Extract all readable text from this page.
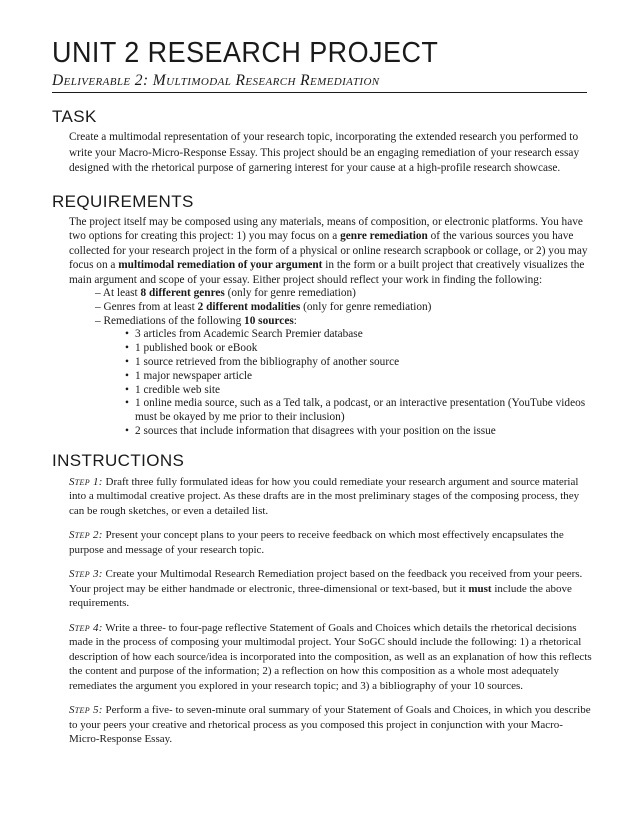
UNIT 2 RESEARCH PROJECT
Deliverable 2: Multimodal Research Remediation
TASK

Create a multimodal representation of your research topic, incorporating the extended research you performed to write your Macro-Micro-Response Essay. This project should be an engaging remediation of your research essay designed with the rhetorical purpose of garnering interest for your cause at a high-profile research showcase.

REQUIREMENTS

The project itself may be composed using any materials, means of composition, or electronic platforms. You have two options for creating this project: 1) you may focus on a genre remediation of the various sources you have collected for your research project in the form of a physical or online research scrapbook or collage, or 2) you may focus on a multimodal remediation of your argument in the form or a built project that creatively visualizes the main argument and scope of your essay. Either project should reflect your work in finding the following:

– At least 8 different genres (only for genre remediation)
– Genres from at least 2 different modalities (only for genre remediation)
– Remediations of the following 10 sources:
• 3 articles from Academic Search Premier database
• 1 published book or eBook
• 1 source retrieved from the bibliography of another source
• 1 major newspaper article
• 1 credible web site
• 1 online media source, such as a Ted talk, a podcast, or an interactive presentation (YouTube videos must be okayed by me prior to their inclusion)
• 2 sources that include information that disagrees with your position on the issue
INSTRUCTIONS

Step 1: Draft three fully formulated ideas for how you could remediate your research argument and source material into a multimodal creative project. As these drafts are in the most preliminary stages of the composing process, they can be rough sketches, or even a detailed list.

Step 2: Present your concept plans to your peers to receive feedback on which most effectively encapsulates the purpose and message of your research topic.

Step 3: Create your Multimodal Research Remediation project based on the feedback you received from your peers. Your project may be either handmade or electronic, three-dimensional or text-based, but it must include the above requirements.

Step 4: Write a three- to four-page reflective Statement of Goals and Choices which details the rhetorical decisions made in the process of composing your multimodal project. Your SoGC should include the following: 1) a rhetorical description of how each source/idea is incorporated into the composition, as well as an explanation of how this reflects the content and purpose of the information; 2) a reflection on how this composition as a whole most adequately remediates the argument you explored in your research topic; and 3) a bibliography of your 10 sources.

Step 5: Perform a five- to seven-minute oral summary of your Statement of Goals and Choices, in which you describe to your peers your creative and rhetorical process as you composed this project in conjunction with your Macro-Micro-Response Essay.
